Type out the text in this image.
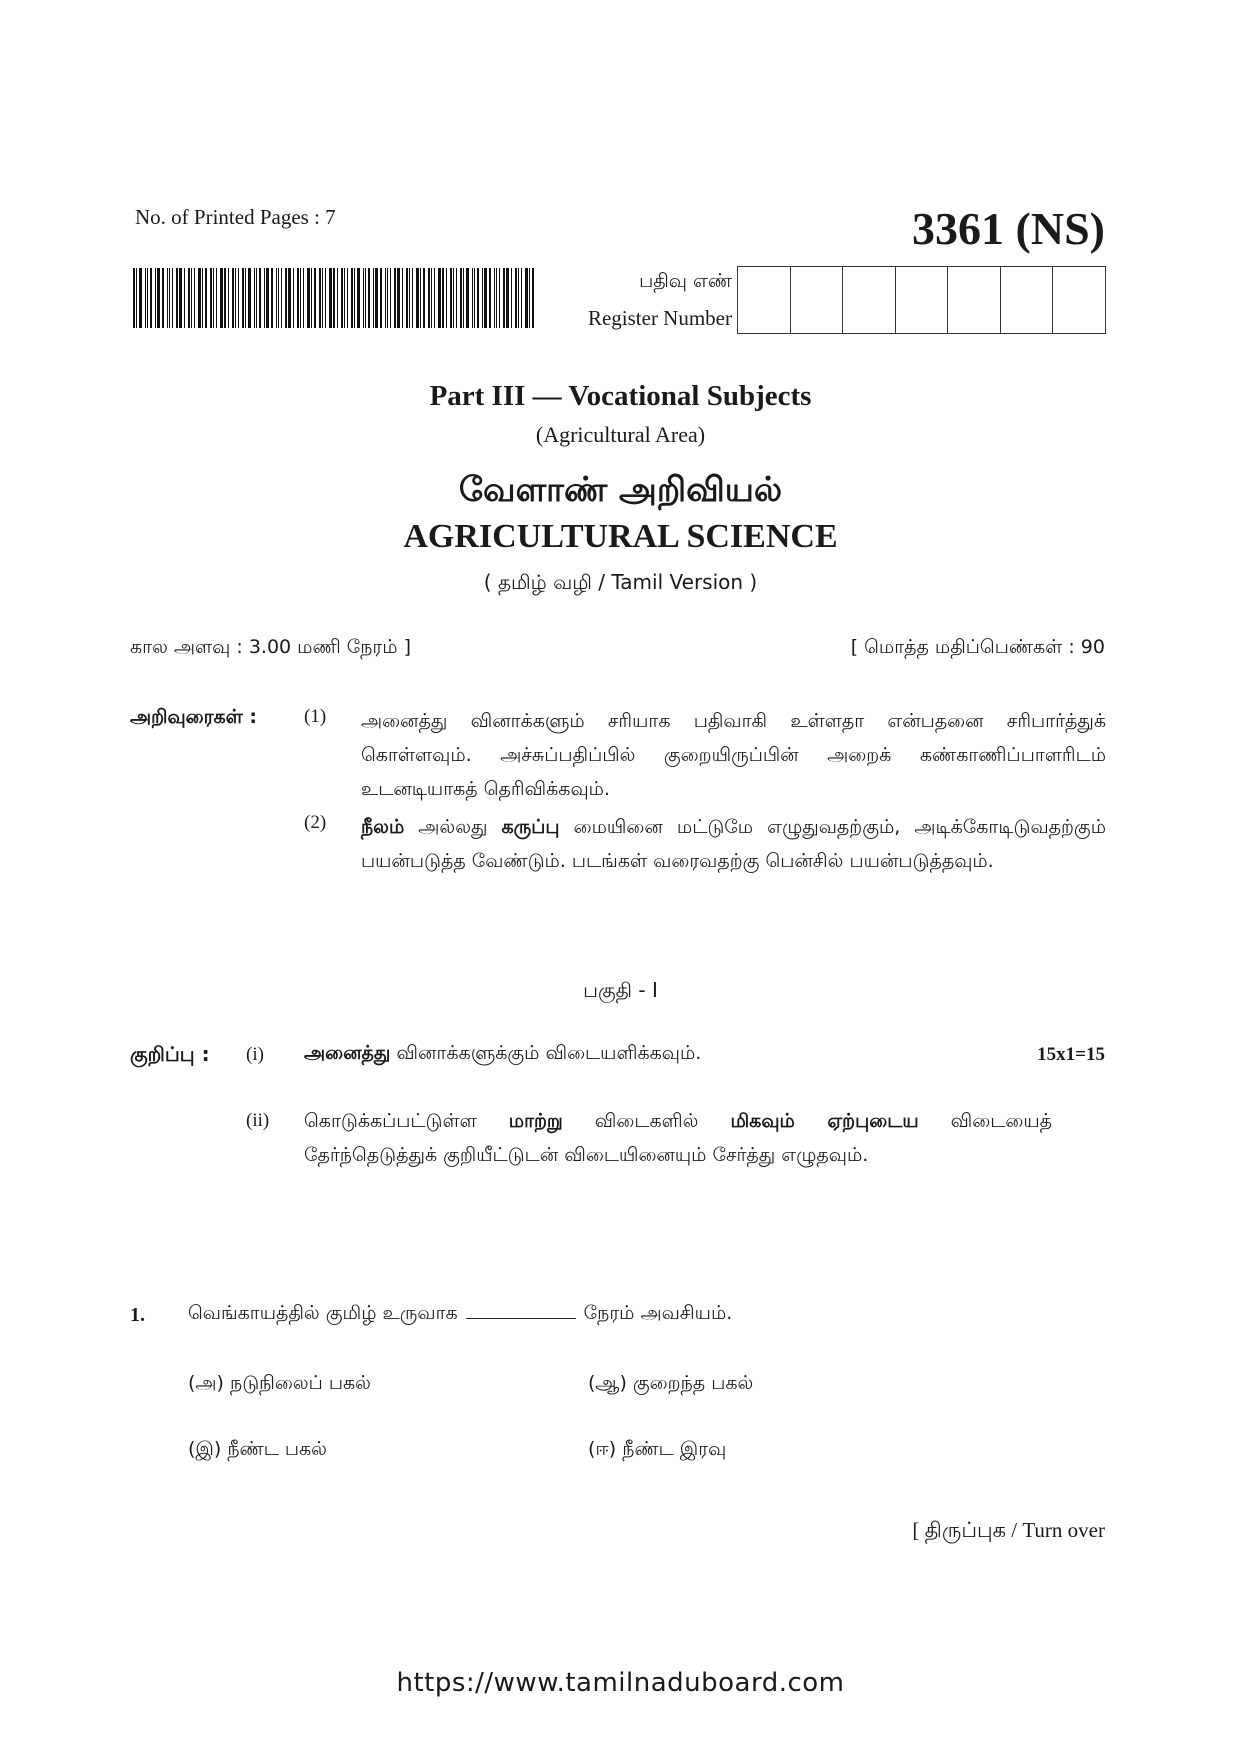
No. of Printed Pages : 7	3361 (NS)
பதிவு எண்
Register Number
Part III — Vocational Subjects
(Agricultural Area)
வேளாண் அறிவியல்
AGRICULTURAL SCIENCE
( தமிழ் வழி / Tamil Version )
கால அளவு : 3.00 மணி நேரம் ]	[ மொத்த மதிப்பெண்கள் : 90
அறிவுரைகள் : (1) அனைத்து வினாக்களும் சரியாக பதிவாகி உள்ளதா என்பதனை சரிபார்த்துக் கொள்ளவும். அச்சுப்பதிப்பில் குறையிருப்பின் அறைக் கண்காணிப்பாளரிடம் உடனடியாகத் தெரிவிக்கவும்.
(2) நீலம் அல்லது கருப்பு மையினை மட்டுமே எழுதுவதற்கும், அடிக்கோடிடுவதற்கும் பயன்படுத்த வேண்டும். படங்கள் வரைவதற்கு பென்சில் பயன்படுத்தவும்.
பகுதி - I
குறிப்பு : (i) அனைத்து வினாக்களுக்கும் விடையளிக்கவும்.	15x1=15
(ii) கொடுக்கப்பட்டுள்ள மாற்று விடைகளில் மிகவும் ஏற்புடைய விடையைத் தேர்ந்தெடுத்துக் குறியீட்டுடன் விடையினையும் சேர்த்து எழுதவும்.
1. வெங்காயத்தில் குமிழ் உருவாக	நேரம் அவசியம்.
(அ) நடுநிலைப் பகல்	(ஆ) குறைந்த பகல்
(இ) நீண்ட பகல்	(ஈ) நீண்ட இரவு
[ திருப்புக / Turn over
https://www.tamilnaduboard.com
